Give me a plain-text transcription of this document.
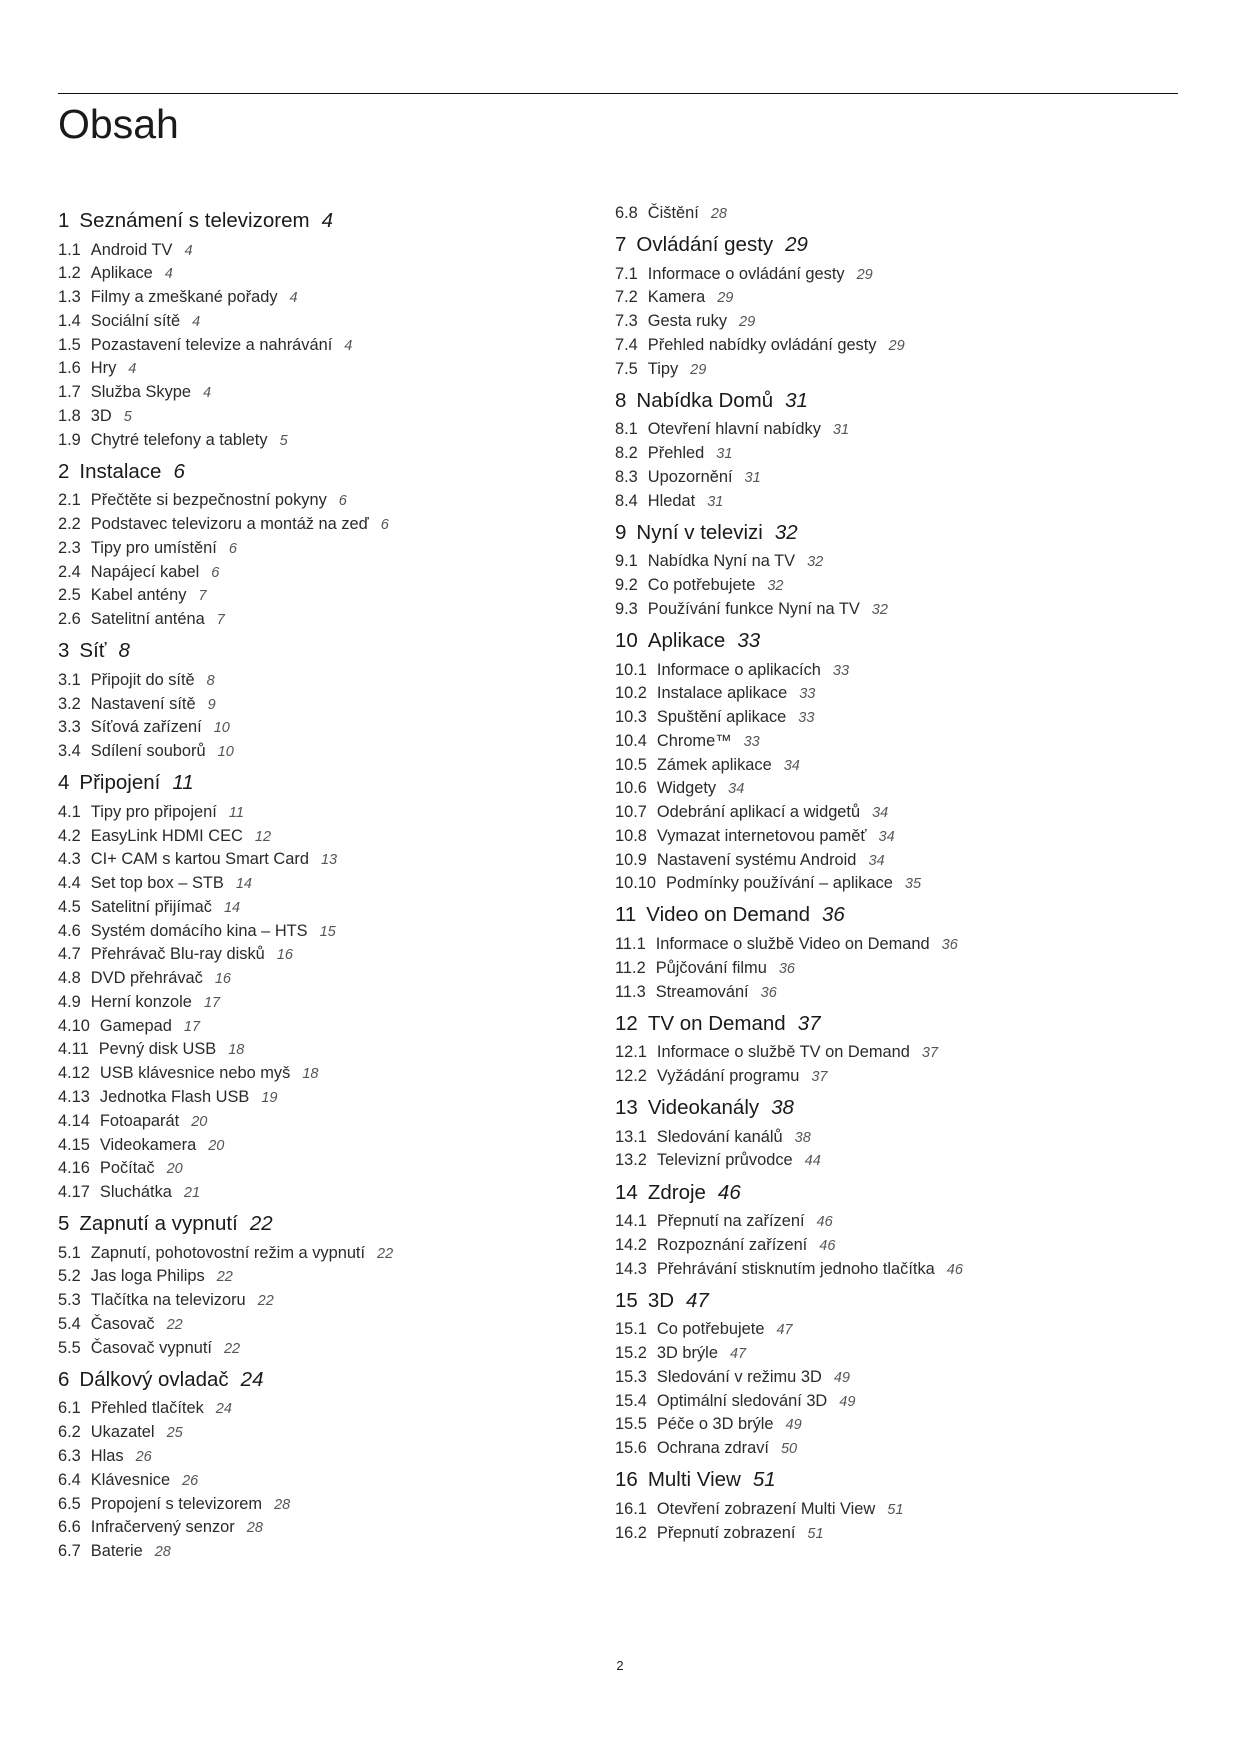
Obsah
1 Seznámení s televizorem 4
1.1 Android TV 4
1.2 Aplikace 4
1.3 Filmy a zmeškané pořady 4
1.4 Sociální sítě 4
1.5 Pozastavení televize a nahrávání 4
1.6 Hry 4
1.7 Služba Skype 4
1.8 3D 5
1.9 Chytré telefony a tablety 5
2 Instalace 6
2.1 Přečtěte si bezpečnostní pokyny 6
2.2 Podstavec televizoru a montáž na zeď 6
2.3 Tipy pro umístění 6
2.4 Napájecí kabel 6
2.5 Kabel antény 7
2.6 Satelitní anténa 7
3 Síť 8
3.1 Připojit do sítě 8
3.2 Nastavení sítě 9
3.3 Síťová zařízení 10
3.4 Sdílení souborů 10
4 Připojení 11
4.1 Tipy pro připojení 11
4.2 EasyLink HDMI CEC 12
4.3 CI+ CAM s kartou Smart Card 13
4.4 Set top box – STB 14
4.5 Satelitní přijímač 14
4.6 Systém domácího kina – HTS 15
4.7 Přehrávač Blu-ray disků 16
4.8 DVD přehrávač 16
4.9 Herní konzole 17
4.10 Gamepad 17
4.11 Pevný disk USB 18
4.12 USB klávesnice nebo myš 18
4.13 Jednotka Flash USB 19
4.14 Fotoaparát 20
4.15 Videokamera 20
4.16 Počítač 20
4.17 Sluchátka 21
5 Zapnutí a vypnutí 22
5.1 Zapnutí, pohotovostní režim a vypnutí 22
5.2 Jas loga Philips 22
5.3 Tlačítka na televizoru 22
5.4 Časovač 22
5.5 Časovač vypnutí 22
6 Dálkový ovladač 24
6.1 Přehled tlačítek 24
6.2 Ukazatel 25
6.3 Hlas 26
6.4 Klávesnice 26
6.5 Propojení s televizorem 28
6.6 Infračervený senzor 28
6.7 Baterie 28
6.8 Čištění 28
7 Ovládání gesty 29
7.1 Informace o ovládání gesty 29
7.2 Kamera 29
7.3 Gesta ruky 29
7.4 Přehled nabídky ovládání gesty 29
7.5 Tipy 29
8 Nabídka Domů 31
8.1 Otevření hlavní nabídky 31
8.2 Přehled 31
8.3 Upozornění 31
8.4 Hledat 31
9 Nyní v televizi 32
9.1 Nabídka Nyní na TV 32
9.2 Co potřebujete 32
9.3 Používání funkce Nyní na TV 32
10 Aplikace 33
10.1 Informace o aplikacích 33
10.2 Instalace aplikace 33
10.3 Spuštění aplikace 33
10.4 Chrome™ 33
10.5 Zámek aplikace 34
10.6 Widgety 34
10.7 Odebrání aplikací a widgetů 34
10.8 Vymazat internetovou paměť 34
10.9 Nastavení systému Android 34
10.10 Podmínky používání – aplikace 35
11 Video on Demand 36
11.1 Informace o službě Video on Demand 36
11.2 Půjčování filmu 36
11.3 Streamování 36
12 TV on Demand 37
12.1 Informace o službě TV on Demand 37
12.2 Vyžádání programu 37
13 Videokanály 38
13.1 Sledování kanálů 38
13.2 Televizní průvodce 44
14 Zdroje 46
14.1 Přepnutí na zařízení 46
14.2 Rozpoznání zařízení 46
14.3 Přehrávání stisknutím jednoho tlačítka 46
15 3D 47
15.1 Co potřebujete 47
15.2 3D brýle 47
15.3 Sledování v režimu 3D 49
15.4 Optimální sledování 3D 49
15.5 Péče o 3D brýle 49
15.6 Ochrana zdraví 50
16 Multi View 51
16.1 Otevření zobrazení Multi View 51
16.2 Přepnutí zobrazení 51
2
